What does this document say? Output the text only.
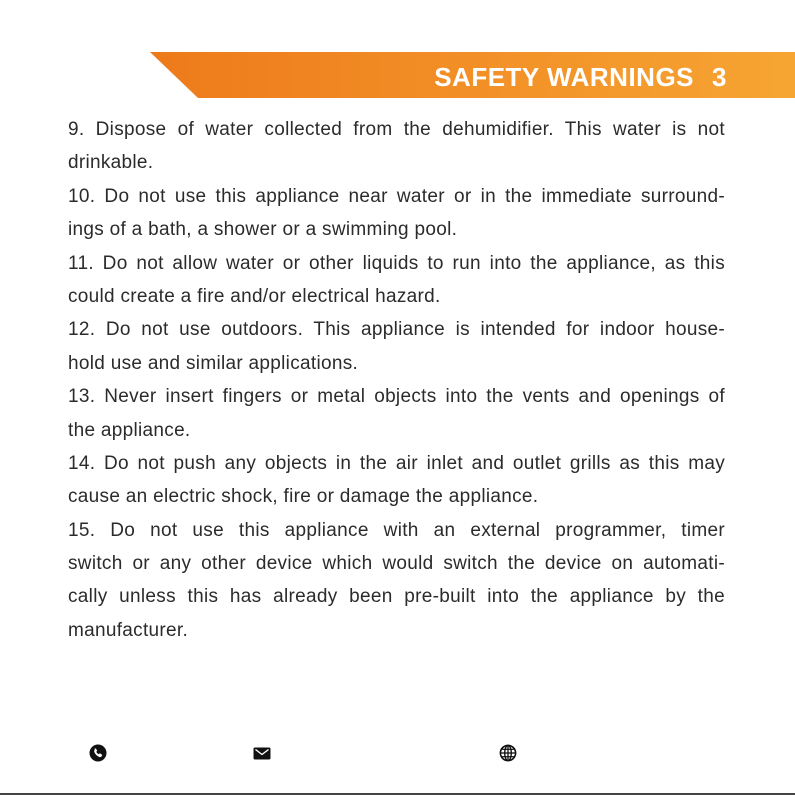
SAFETY WARNINGS 3
9. Dispose of water collected from the dehumidifier. This water is not
drinkable.
10. Do not use this appliance near water or in the immediate surround-
ings of a bath, a shower or a swimming pool.
11. Do not allow water or other liquids to run into the appliance, as this
could create a fire and/or electrical hazard.
12. Do not use outdoors. This appliance is intended for indoor house-
hold use and similar applications.
13. Never insert fingers or metal objects into the vents and openings of
the appliance.
14. Do not push any objects in the air inlet and outlet grills as this may
cause an electric shock, fire or damage the appliance.
15. Do not use this appliance with an external programmer, timer
switch or any other device which would switch the device on automati-
cally unless this has already been pre-built into the appliance by the
manufacturer.
